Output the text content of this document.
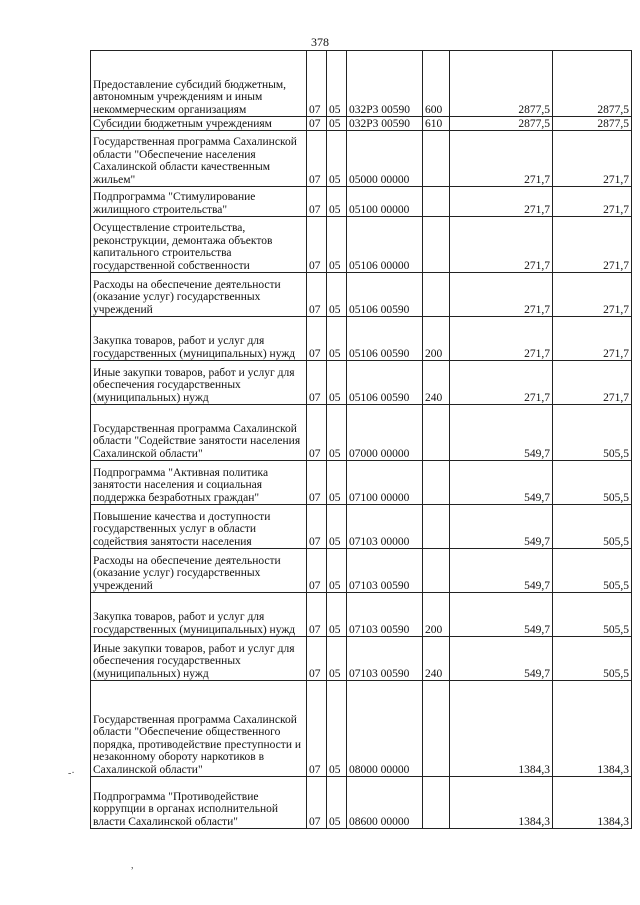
378
Предоставление субсидий бюджетным, автономным учреждениям и иным некоммерческим организациям	07	05	032Р3 00590	600	2877,5	2877,5
Субсидии бюджетным учреждениям	07	05	032Р3 00590	610	2877,5	2877,5
Государственная программа Сахалинской области "Обеспечение населения Сахалинской области качественным жильем"	07	05	05000 00000		271,7	271,7
Подпрограмма "Стимулирование жилищного строительства"	07	05	05100 00000		271,7	271,7
Осуществление строительства, реконструкции, демонтажа объектов капитального строительства государственной собственности	07	05	05106 00000		271,7	271,7
Расходы на обеспечение деятельности (оказание услуг) государственных учреждений	07	05	05106 00590		271,7	271,7
Закупка товаров, работ и услуг для государственных (муниципальных) нужд	07	05	05106 00590	200	271,7	271,7
Иные закупки товаров, работ и услуг для обеспечения государственных (муниципальных) нужд	07	05	05106 00590	240	271,7	271,7
Государственная программа Сахалинской области "Содействие занятости населения Сахалинской области"	07	05	07000 00000		549,7	505,5
Подпрограмма "Активная политика занятости населения и социальная поддержка безработных граждан"	07	05	07100 00000		549,7	505,5
Повышение качества и доступности государственных услуг в области содействия занятости населения	07	05	07103 00000		549,7	505,5
Расходы на обеспечение деятельности (оказание услуг) государственных учреждений	07	05	07103 00590		549,7	505,5
Закупка товаров, работ и услуг для государственных (муниципальных) нужд	07	05	07103 00590	200	549,7	505,5
Иные закупки товаров, работ и услуг для обеспечения государственных (муниципальных) нужд	07	05	07103 00590	240	549,7	505,5
Государственная программа Сахалинской области "Обеспечение общественного порядка, противодействие преступности и незаконному обороту наркотиков в Сахалинской области"	07	05	08000 00000		1384,3	1384,3
Подпрограмма "Противодействие коррупции в органах исполнительной власти Сахалинской области"	07	05	08600 00000		1384,3	1384,3
-·
,
